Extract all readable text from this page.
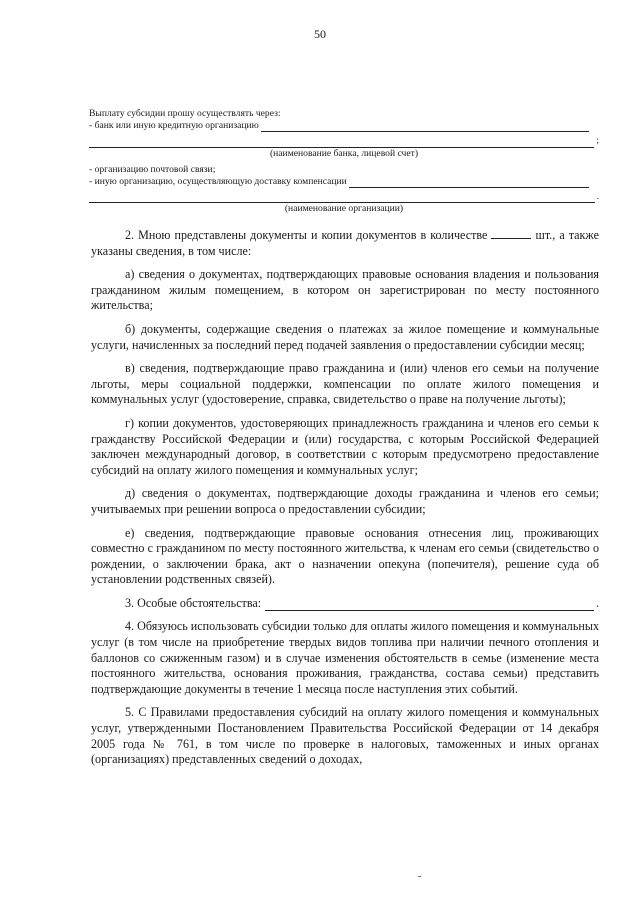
50
Выплату субсидии прошу осуществлять через:
- банк или иную кредитную организацию
;
(наименование банка, лицевой счет)
- организацию почтовой связи;
- иную организацию, осуществляющую доставку компенсации
.
(наименование организации)

2. Мною представлены документы и копии документов в количестве	шт., а также указаны сведения, в том числе:

а) сведения о документах, подтверждающих правовые основания владения и пользования гражданином жилым помещением, в котором он зарегистрирован по месту постоянного жительства;

б) документы, содержащие сведения о платежах за жилое помещение и коммунальные услуги, начисленных за последний перед подачей заявления о предоставлении субсидии месяц;

в) сведения, подтверждающие право гражданина и (или) членов его семьи на получение льготы, меры социальной поддержки, компенсации по оплате жилого помещения и коммунальных услуг (удостоверение, справка, свидетельство о праве на получение льготы);

г) копии документов, удостоверяющих принадлежность гражданина и членов его семьи к гражданству Российской Федерации и (или) государства, с которым Российской Федерацией заключен международный договор, в соответствии с которым предусмотрено предоставление субсидий на оплату жилого помещения и коммунальных услуг;

д) сведения о документах, подтверждающие доходы гражданина и членов его семьи; учитываемых при решении вопроса о предоставлении субсидии;

е) сведения, подтверждающие правовые основания отнесения лиц, проживающих совместно с гражданином по месту постоянного жительства, к членам его семьи (свидетельство о рождении, о заключении брака, акт о назначении опекуна (попечителя), решение суда об установлении родственных связей).

3. Особые обстоятельства:	.

4. Обязуюсь использовать субсидии только для оплаты жилого помещения и коммунальных услуг (в том числе на приобретение твердых видов топлива при наличии печного отопления и баллонов со сжиженным газом) и в случае изменения обстоятельств в семье (изменение места постоянного жительства, основания проживания, гражданства, состава семьи) представить подтверждающие документы в течение 1 месяца после наступления этих событий.

5. С Правилами предоставления субсидий на оплату жилого помещения и коммунальных услуг, утвержденными Постановлением Правительства Российской Федерации от 14 декабря 2005 года № 761, в том числе по проверке в налоговых, таможенных и иных органах (организациях) представленных сведений о доходах,
